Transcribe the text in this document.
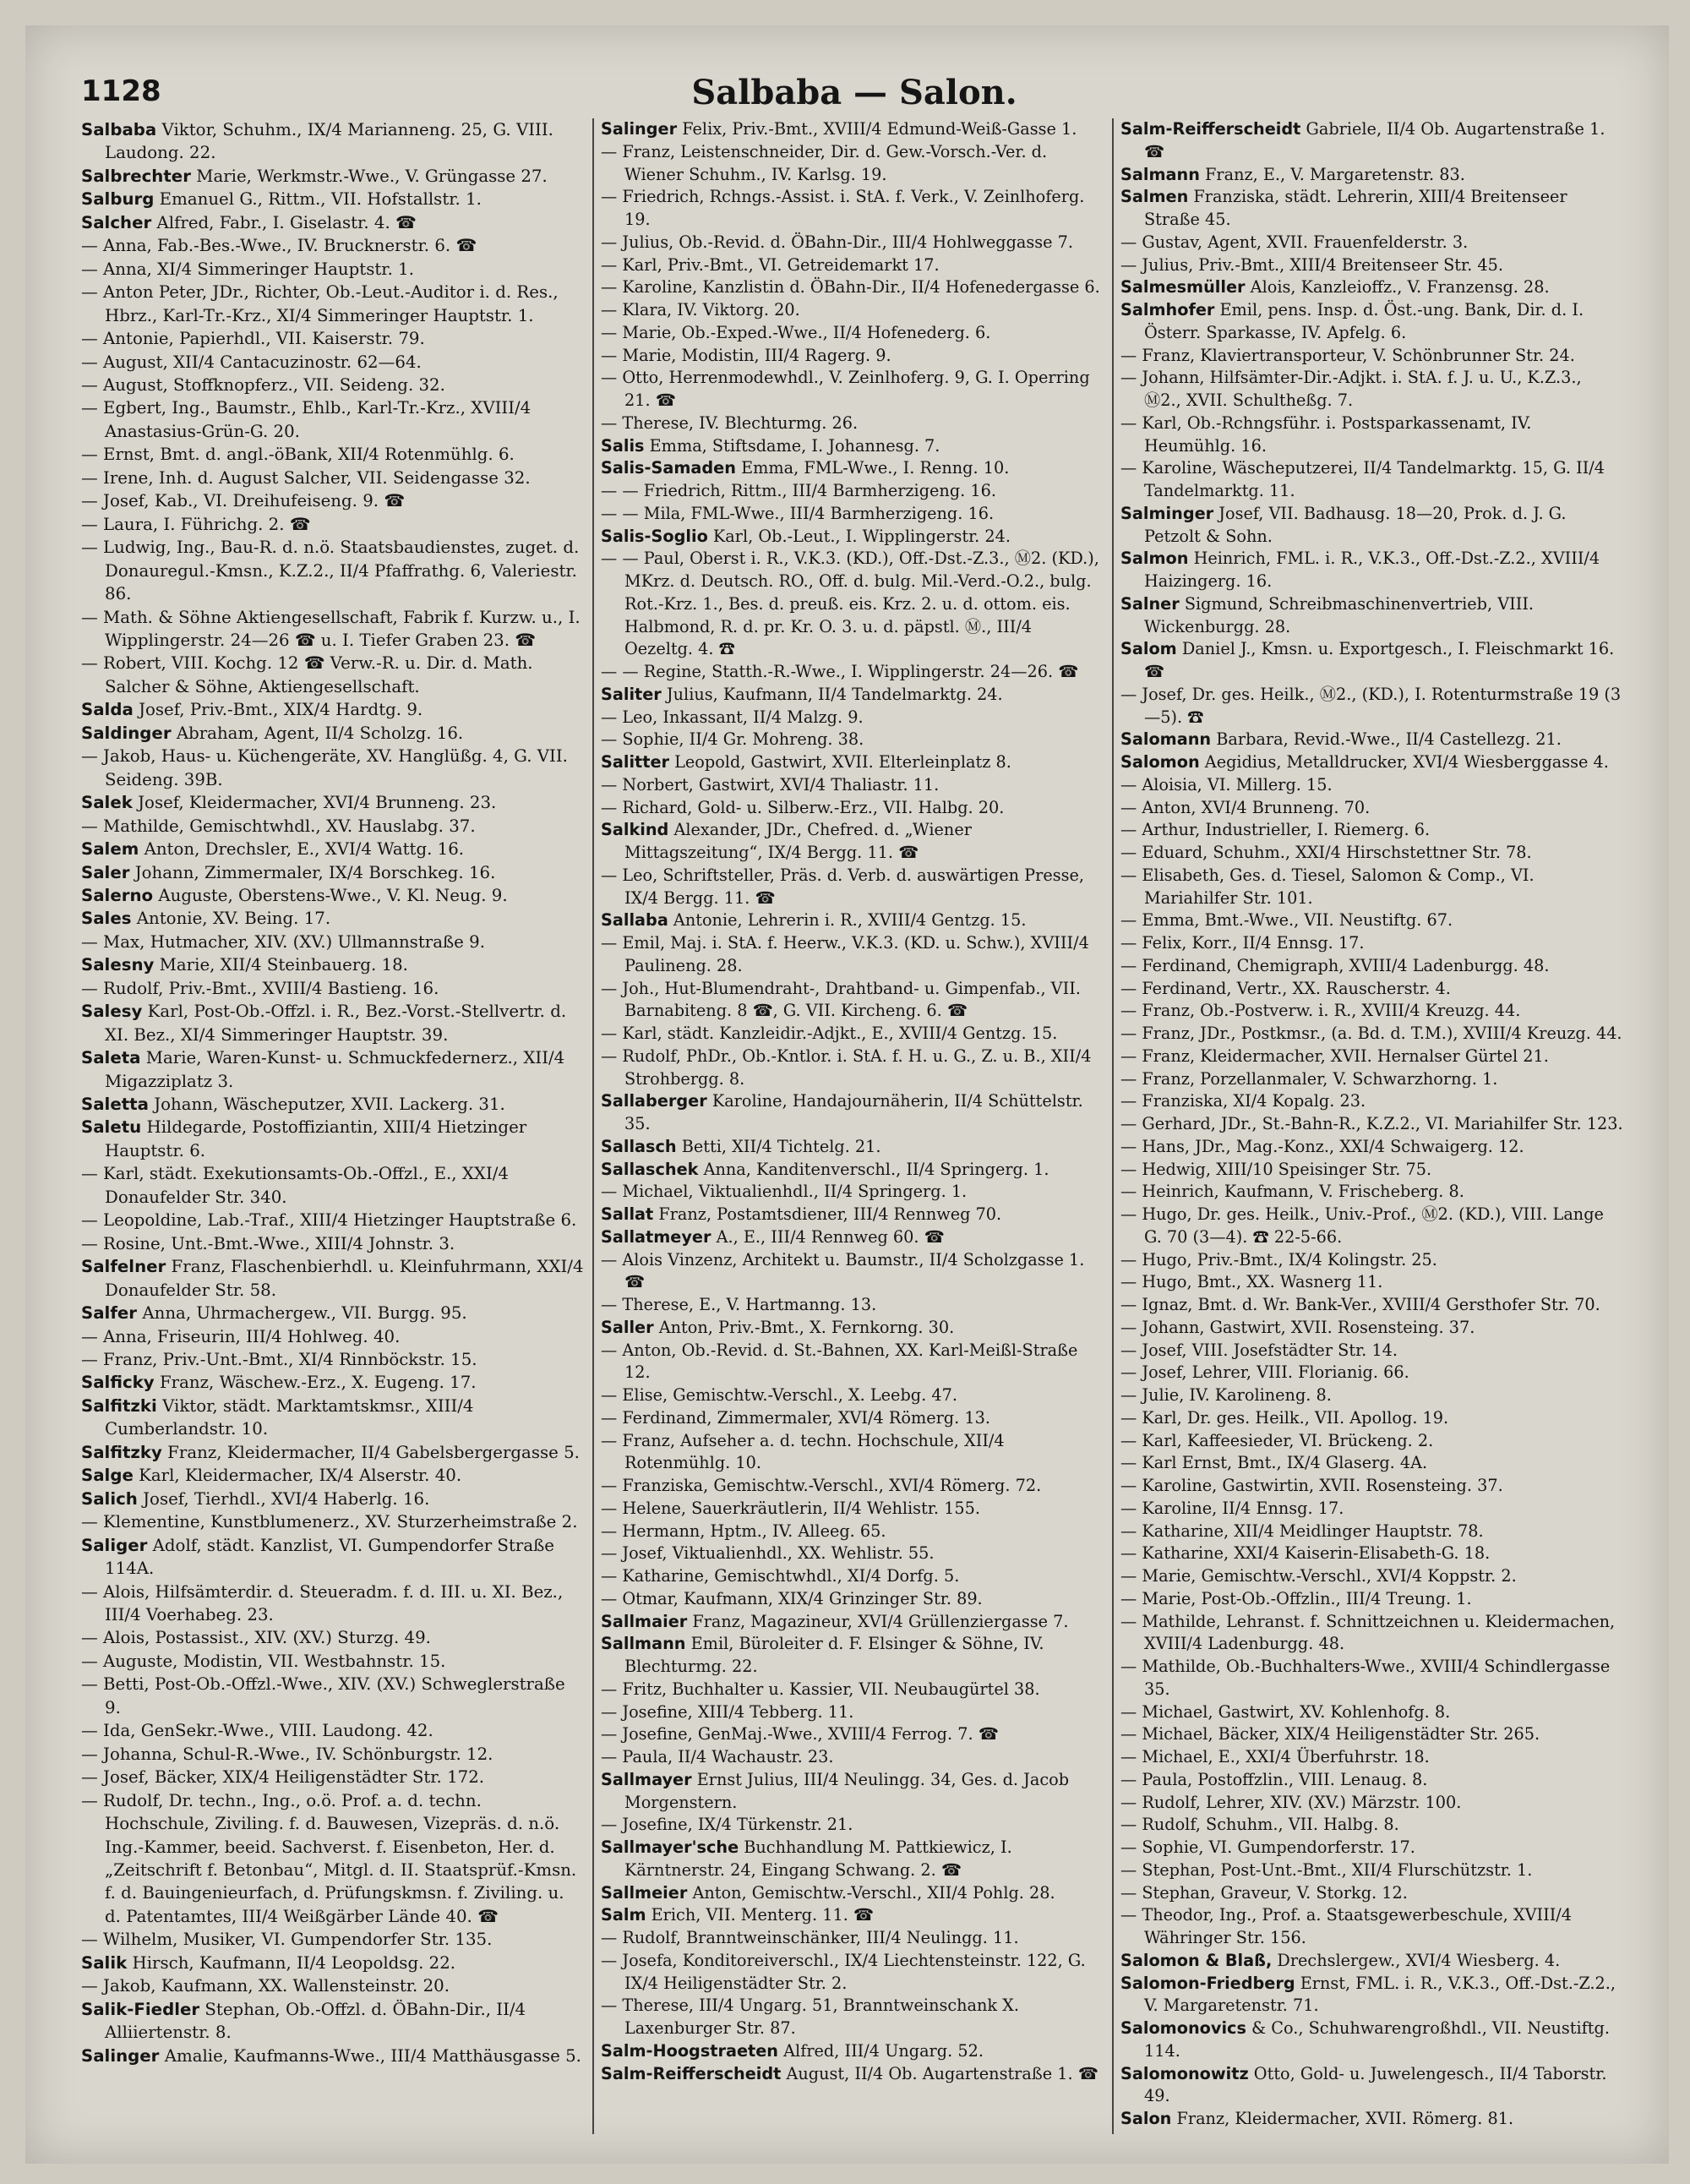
1128	Salbaba — Salon.

Salbaba Viktor, Schuhm., IX/4 Marianneng. 25, G. VIII. Laudong. 22.

Salbrechter Marie, Werkmstr.-Wwe., V. Grüngasse 27.

Salburg Emanuel G., Rittm., VII. Hofstallstr. 1.

Salcher Alfred, Fabr., I. Giselastr. 4. ☎

— Anna, Fab.-Bes.-Wwe., IV. Brucknerstr. 6. ☎

— Anna, XI/4 Simmeringer Hauptstr. 1.

— Anton Peter, JDr., Richter, Ob.-Leut.-Auditor i. d. Res., Hbrz., Karl-Tr.-Krz., XI/4 Simmeringer Hauptstr. 1.

— Antonie, Papierhdl., VII. Kaiserstr. 79.

— August, XII/4 Cantacuzinostr. 62—64.

— August, Stoffknopferz., VII. Seideng. 32.

— Egbert, Ing., Baumstr., Ehlb., Karl-Tr.-Krz., XVIII/4 Anastasius-Grün-G. 20.

— Ernst, Bmt. d. angl.-öBank, XII/4 Rotenmühlg. 6.

— Irene, Inh. d. August Salcher, VII. Seidengasse 32.

— Josef, Kab., VI. Dreihufeiseng. 9. ☎

— Laura, I. Führichg. 2. ☎

— Ludwig, Ing., Bau-R. d. n.ö. Staatsbaudienstes, zuget. d. Donauregul.-Kmsn., K.Z.2., II/4 Pfaffrathg. 6, Valeriestr. 86.

— Math. & Söhne Aktiengesellschaft, Fabrik f. Kurzw. u., I. Wipplingerstr. 24—26 ☎ u. I. Tiefer Graben 23. ☎

— Robert, VIII. Kochg. 12 ☎ Verw.-R. u. Dir. d. Math. Salcher & Söhne, Aktiengesellschaft.

Salda Josef, Priv.-Bmt., XIX/4 Hardtg. 9.

Saldinger Abraham, Agent, II/4 Scholzg. 16.

— Jakob, Haus- u. Küchengeräte, XV. Hanglüßg. 4, G. VII. Seideng. 39B.

Salek Josef, Kleidermacher, XVI/4 Brunneng. 23.

— Mathilde, Gemischtwhdl., XV. Hauslabg. 37.

Salem Anton, Drechsler, E., XVI/4 Wattg. 16.

Saler Johann, Zimmermaler, IX/4 Borschkeg. 16.

Salerno Auguste, Oberstens-Wwe., V. Kl. Neug. 9.

Sales Antonie, XV. Being. 17.

— Max, Hutmacher, XIV. (XV.) Ullmannstraße 9.

Salesny Marie, XII/4 Steinbauerg. 18.

— Rudolf, Priv.-Bmt., XVIII/4 Bastieng. 16.

Salesy Karl, Post-Ob.-Offzl. i. R., Bez.-Vorst.-Stellvertr. d. XI. Bez., XI/4 Simmeringer Hauptstr. 39.

Saleta Marie, Waren-Kunst- u. Schmuckfedernerz., XII/4 Migazziplatz 3.

Saletta Johann, Wäscheputzer, XVII. Lackerg. 31.

Saletu Hildegarde, Postoffiziantin, XIII/4 Hietzinger Hauptstr. 6.

— Karl, städt. Exekutionsamts-Ob.-Offzl., E., XXI/4 Donaufelder Str. 340.

— Leopoldine, Lab.-Traf., XIII/4 Hietzinger Hauptstraße 6.

— Rosine, Unt.-Bmt.-Wwe., XIII/4 Johnstr. 3.

Salfelner Franz, Flaschenbierhdl. u. Kleinfuhrmann, XXI/4 Donaufelder Str. 58.

Salfer Anna, Uhrmachergew., VII. Burgg. 95.

— Anna, Friseurin, III/4 Hohlweg. 40.

— Franz, Priv.-Unt.-Bmt., XI/4 Rinnböckstr. 15.

Salficky Franz, Wäschew.-Erz., X. Eugeng. 17.

Salfitzki Viktor, städt. Marktamtskmsr., XIII/4 Cumberlandstr. 10.

Salfitzky Franz, Kleidermacher, II/4 Gabelsbergergasse 5.

Salge Karl, Kleidermacher, IX/4 Alserstr. 40.

Salich Josef, Tierhdl., XVI/4 Haberlg. 16.

— Klementine, Kunstblumenerz., XV. Sturzerheimstraße 2.

Saliger Adolf, städt. Kanzlist, VI. Gumpendorfer Straße 114A.

— Alois, Hilfsämterdir. d. Steueradm. f. d. III. u. XI. Bez., III/4 Voerhabeg. 23.

— Alois, Postassist., XIV. (XV.) Sturzg. 49.

— Auguste, Modistin, VII. Westbahnstr. 15.

— Betti, Post-Ob.-Offzl.-Wwe., XIV. (XV.) Schweglerstraße 9.

— Ida, GenSekr.-Wwe., VIII. Laudong. 42.

— Johanna, Schul-R.-Wwe., IV. Schönburgstr. 12.

— Josef, Bäcker, XIX/4 Heiligenstädter Str. 172.

— Rudolf, Dr. techn., Ing., o.ö. Prof. a. d. techn. Hochschule, Ziviling. f. d. Bauwesen, Vizepräs. d. n.ö. Ing.-Kammer, beeid. Sachverst. f. Eisenbeton, Her. d. „Zeitschrift f. Betonbau“, Mitgl. d. II. Staatsprüf.-Kmsn. f. d. Bauingenieurfach, d. Prüfungskmsn. f. Ziviling. u. d. Patentamtes, III/4 Weißgärber Lände 40. ☎

— Wilhelm, Musiker, VI. Gumpendorfer Str. 135.

Salik Hirsch, Kaufmann, II/4 Leopoldsg. 22.

— Jakob, Kaufmann, XX. Wallensteinstr. 20.

Salik-Fiedler Stephan, Ob.-Offzl. d. ÖBahn-Dir., II/4 Alliiertenstr. 8.

Salinger Amalie, Kaufmanns-Wwe., III/4 Matthäusgasse 5.

Salinger Felix, Priv.-Bmt., XVIII/4 Edmund-Weiß-Gasse 1.

— Franz, Leistenschneider, Dir. d. Gew.-Vorsch.-Ver. d. Wiener Schuhm., IV. Karlsg. 19.

— Friedrich, Rchngs.-Assist. i. StA. f. Verk., V. Zeinlhoferg. 19.

— Julius, Ob.-Revid. d. ÖBahn-Dir., III/4 Hohlweggasse 7.

— Karl, Priv.-Bmt., VI. Getreidemarkt 17.

— Karoline, Kanzlistin d. ÖBahn-Dir., II/4 Hofenedergasse 6.

— Klara, IV. Viktorg. 20.

— Marie, Ob.-Exped.-Wwe., II/4 Hofenederg. 6.

— Marie, Modistin, III/4 Ragerg. 9.

— Otto, Herrenmodewhdl., V. Zeinlhoferg. 9, G. I. Operring 21. ☎

— Therese, IV. Blechturmg. 26.

Salis Emma, Stiftsdame, I. Johannesg. 7.

Salis-Samaden Emma, FML-Wwe., I. Renng. 10.

— — Friedrich, Rittm., III/4 Barmherzigeng. 16.

— — Mila, FML-Wwe., III/4 Barmherzigeng. 16.

Salis-Soglio Karl, Ob.-Leut., I. Wipplingerstr. 24.

— — Paul, Oberst i. R., V.K.3. (KD.), Off.-Dst.-Z.3., Ⓜ2. (KD.), MKrz. d. Deutsch. RO., Off. d. bulg. Mil.-Verd.-O.2., bulg. Rot.-Krz. 1., Bes. d. preuß. eis. Krz. 2. u. d. ottom. eis. Halbmond, R. d. pr. Kr. O. 3. u. d. päpstl. Ⓜ., III/4 Oezeltg. 4. ☎

— — Regine, Statth.-R.-Wwe., I. Wipplingerstr. 24—26. ☎

Saliter Julius, Kaufmann, II/4 Tandelmarktg. 24.

— Leo, Inkassant, II/4 Malzg. 9.

— Sophie, II/4 Gr. Mohreng. 38.

Salitter Leopold, Gastwirt, XVII. Elterleinplatz 8.

— Norbert, Gastwirt, XVI/4 Thaliastr. 11.

— Richard, Gold- u. Silberw.-Erz., VII. Halbg. 20.

Salkind Alexander, JDr., Chefred. d. „Wiener Mittagszeitung“, IX/4 Bergg. 11. ☎

— Leo, Schriftsteller, Präs. d. Verb. d. auswärtigen Presse, IX/4 Bergg. 11. ☎

Sallaba Antonie, Lehrerin i. R., XVIII/4 Gentzg. 15.

— Emil, Maj. i. StA. f. Heerw., V.K.3. (KD. u. Schw.), XVIII/4 Paulineng. 28.

— Joh., Hut-Blumendraht-, Drahtband- u. Gimpenfab., VII. Barnabiteng. 8 ☎, G. VII. Kircheng. 6. ☎

— Karl, städt. Kanzleidir.-Adjkt., E., XVIII/4 Gentzg. 15.

— Rudolf, PhDr., Ob.-Kntlor. i. StA. f. H. u. G., Z. u. B., XII/4 Strohbergg. 8.

Sallaberger Karoline, Handajournäherin, II/4 Schüttelstr. 35.

Sallasch Betti, XII/4 Tichtelg. 21.

Sallaschek Anna, Kanditenverschl., II/4 Springerg. 1.

— Michael, Viktualienhdl., II/4 Springerg. 1.

Sallat Franz, Postamtsdiener, III/4 Rennweg 70.

Sallatmeyer A., E., III/4 Rennweg 60. ☎

— Alois Vinzenz, Architekt u. Baumstr., II/4 Scholzgasse 1. ☎

— Therese, E., V. Hartmanng. 13.

Saller Anton, Priv.-Bmt., X. Fernkorng. 30.

— Anton, Ob.-Revid. d. St.-Bahnen, XX. Karl-Meißl-Straße 12.

— Elise, Gemischtw.-Verschl., X. Leebg. 47.

— Ferdinand, Zimmermaler, XVI/4 Römerg. 13.

— Franz, Aufseher a. d. techn. Hochschule, XII/4 Rotenmühlg. 10.

— Franziska, Gemischtw.-Verschl., XVI/4 Römerg. 72.

— Helene, Sauerkräutlerin, II/4 Wehlistr. 155.

— Hermann, Hptm., IV. Alleeg. 65.

— Josef, Viktualienhdl., XX. Wehlistr. 55.

— Katharine, Gemischtwhdl., XI/4 Dorfg. 5.

— Otmar, Kaufmann, XIX/4 Grinzinger Str. 89.

Sallmaier Franz, Magazineur, XVI/4 Grüllenziergasse 7.

Sallmann Emil, Büroleiter d. F. Elsinger & Söhne, IV. Blechturmg. 22.

— Fritz, Buchhalter u. Kassier, VII. Neubaugürtel 38.

— Josefine, XIII/4 Tebberg. 11.

— Josefine, GenMaj.-Wwe., XVIII/4 Ferrog. 7. ☎

— Paula, II/4 Wachaustr. 23.

Sallmayer Ernst Julius, III/4 Neulingg. 34, Ges. d. Jacob Morgenstern.

— Josefine, IX/4 Türkenstr. 21.

Sallmayer'sche Buchhandlung M. Pattkiewicz, I. Kärntnerstr. 24, Eingang Schwang. 2. ☎

Sallmeier Anton, Gemischtw.-Verschl., XII/4 Pohlg. 28.

Salm Erich, VII. Menterg. 11. ☎

— Rudolf, Branntweinschänker, III/4 Neulingg. 11.

— Josefa, Konditoreiverschl., IX/4 Liechtensteinstr. 122, G. IX/4 Heiligenstädter Str. 2.

— Therese, III/4 Ungarg. 51, Branntweinschank X. Laxenburger Str. 87.

Salm-Hoogstraeten Alfred, III/4 Ungarg. 52.

Salm-Reifferscheidt August, II/4 Ob. Augartenstraße 1. ☎

Salm-Reifferscheidt Gabriele, II/4 Ob. Augartenstraße 1. ☎

Salmann Franz, E., V. Margaretenstr. 83.

Salmen Franziska, städt. Lehrerin, XIII/4 Breitenseer Straße 45.

— Gustav, Agent, XVII. Frauenfelderstr. 3.

— Julius, Priv.-Bmt., XIII/4 Breitenseer Str. 45.

Salmesmüller Alois, Kanzleioffz., V. Franzensg. 28.

Salmhofer Emil, pens. Insp. d. Öst.-ung. Bank, Dir. d. I. Österr. Sparkasse, IV. Apfelg. 6.

— Franz, Klaviertransporteur, V. Schönbrunner Str. 24.

— Johann, Hilfsämter-Dir.-Adjkt. i. StA. f. J. u. U., K.Z.3., Ⓜ2., XVII. Schultheßg. 7.

— Karl, Ob.-Rchngsführ. i. Postsparkassenamt, IV. Heumühlg. 16.

— Karoline, Wäscheputzerei, II/4 Tandelmarktg. 15, G. II/4 Tandelmarktg. 11.

Salminger Josef, VII. Badhausg. 18—20, Prok. d. J. G. Petzolt & Sohn.

Salmon Heinrich, FML. i. R., V.K.3., Off.-Dst.-Z.2., XVIII/4 Haizingerg. 16.

Salner Sigmund, Schreibmaschinenvertrieb, VIII. Wickenburgg. 28.

Salom Daniel J., Kmsn. u. Exportgesch., I. Fleischmarkt 16. ☎

— Josef, Dr. ges. Heilk., Ⓜ2., (KD.), I. Rotenturmstraße 19 (3—5). ☎

Salomann Barbara, Revid.-Wwe., II/4 Castellezg. 21.

Salomon Aegidius, Metalldrucker, XVI/4 Wiesberggasse 4.

— Aloisia, VI. Millerg. 15.

— Anton, XVI/4 Brunneng. 70.

— Arthur, Industrieller, I. Riemerg. 6.

— Eduard, Schuhm., XXI/4 Hirschstettner Str. 78.

— Elisabeth, Ges. d. Tiesel, Salomon & Comp., VI. Mariahilfer Str. 101.

— Emma, Bmt.-Wwe., VII. Neustiftg. 67.

— Felix, Korr., II/4 Ennsg. 17.

— Ferdinand, Chemigraph, XVIII/4 Ladenburgg. 48.

— Ferdinand, Vertr., XX. Rauscherstr. 4.

— Franz, Ob.-Postverw. i. R., XVIII/4 Kreuzg. 44.

— Franz, JDr., Postkmsr., (a. Bd. d. T.M.), XVIII/4 Kreuzg. 44.

— Franz, Kleidermacher, XVII. Hernalser Gürtel 21.

— Franz, Porzellanmaler, V. Schwarzhorng. 1.

— Franziska, XI/4 Kopalg. 23.

— Gerhard, JDr., St.-Bahn-R., K.Z.2., VI. Mariahilfer Str. 123.

— Hans, JDr., Mag.-Konz., XXI/4 Schwaigerg. 12.

— Hedwig, XIII/10 Speisinger Str. 75.

— Heinrich, Kaufmann, V. Frischeberg. 8.

— Hugo, Dr. ges. Heilk., Univ.-Prof., Ⓜ2. (KD.), VIII. Lange G. 70 (3—4). ☎ 22-5-66.

— Hugo, Priv.-Bmt., IX/4 Kolingstr. 25.

— Hugo, Bmt., XX. Wasnerg 11.

— Ignaz, Bmt. d. Wr. Bank-Ver., XVIII/4 Gersthofer Str. 70.

— Johann, Gastwirt, XVII. Rosensteing. 37.

— Josef, VIII. Josefstädter Str. 14.

— Josef, Lehrer, VIII. Florianig. 66.

— Julie, IV. Karolineng. 8.

— Karl, Dr. ges. Heilk., VII. Apollog. 19.

— Karl, Kaffeesieder, VI. Brückeng. 2.

— Karl Ernst, Bmt., IX/4 Glaserg. 4A.

— Karoline, Gastwirtin, XVII. Rosensteing. 37.

— Karoline, II/4 Ennsg. 17.

— Katharine, XII/4 Meidlinger Hauptstr. 78.

— Katharine, XXI/4 Kaiserin-Elisabeth-G. 18.

— Marie, Gemischtw.-Verschl., XVI/4 Koppstr. 2.

— Marie, Post-Ob.-Offzlin., III/4 Treung. 1.

— Mathilde, Lehranst. f. Schnittzeichnen u. Kleidermachen, XVIII/4 Ladenburgg. 48.

— Mathilde, Ob.-Buchhalters-Wwe., XVIII/4 Schindlergasse 35.

— Michael, Gastwirt, XV. Kohlenhofg. 8.

— Michael, Bäcker, XIX/4 Heiligenstädter Str. 265.

— Michael, E., XXI/4 Überfuhrstr. 18.

— Paula, Postoffzlin., VIII. Lenaug. 8.

— Rudolf, Lehrer, XIV. (XV.) Märzstr. 100.

— Rudolf, Schuhm., VII. Halbg. 8.

— Sophie, VI. Gumpendorferstr. 17.

— Stephan, Post-Unt.-Bmt., XII/4 Flurschützstr. 1.

— Stephan, Graveur, V. Storkg. 12.

— Theodor, Ing., Prof. a. Staatsgewerbeschule, XVIII/4 Währinger Str. 156.

Salomon & Blaß, Drechslergew., XVI/4 Wiesberg. 4.

Salomon-Friedberg Ernst, FML. i. R., V.K.3., Off.-Dst.-Z.2., V. Margaretenstr. 71.

Salomonovics & Co., Schuhwarengroßhdl., VII. Neustiftg. 114.

Salomonowitz Otto, Gold- u. Juwelengesch., II/4 Taborstr. 49.

Salon Franz, Kleidermacher, XVII. Römerg. 81.
